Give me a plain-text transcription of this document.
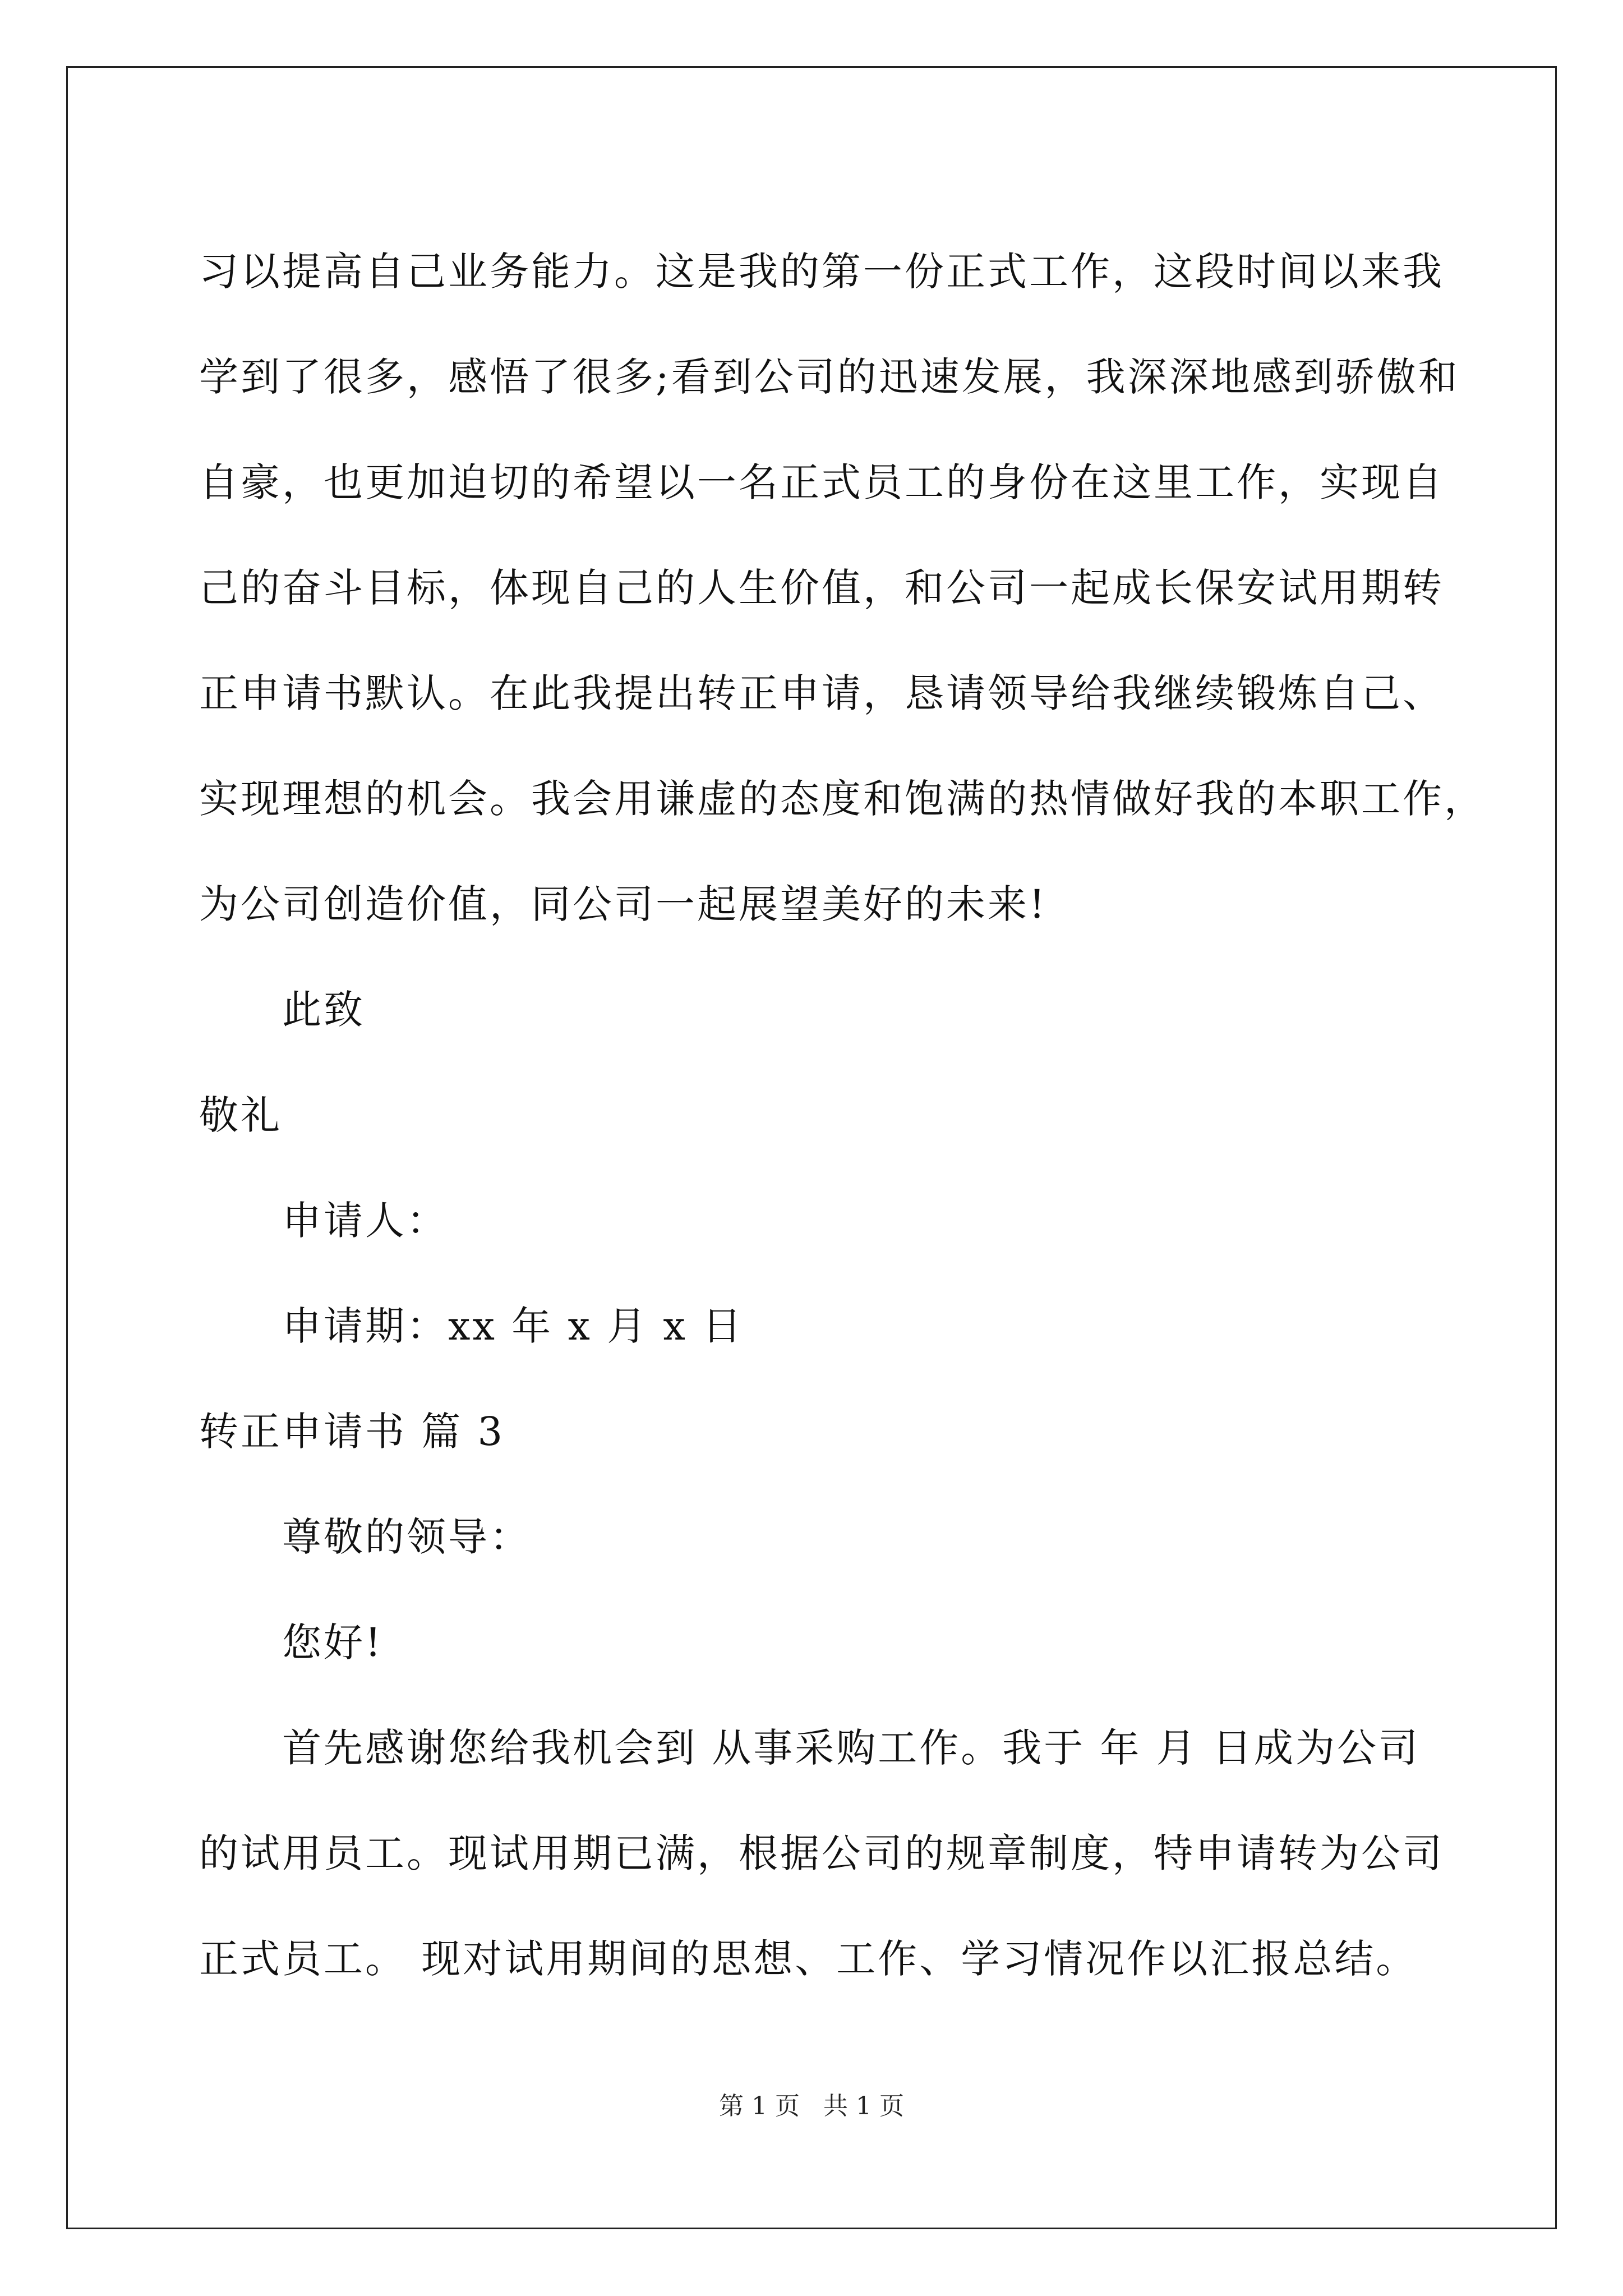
习以提高自己业务能力。这是我的第一份正式工作，这段时间以来我
学到了很多，感悟了很多;看到公司的迅速发展，我深深地感到骄傲和
自豪，也更加迫切的希望以一名正式员工的身份在这里工作，实现自
己的奋斗目标，体现自己的人生价值，和公司一起成长保安试用期转
正申请书默认。在此我提出转正申请，恳请领导给我继续锻炼自己、
实现理想的机会。我会用谦虚的态度和饱满的热情做好我的本职工作，
为公司创造价值，同公司一起展望美好的未来!
此致
敬礼
申请人：
申请期：xx 年 x 月 x 日
转正申请书 篇 3
尊敬的领导：
您好!
首先感谢您给我机会到 从事采购工作。我于 年 月 日成为公司
的试用员工。现试用期已满，根据公司的规章制度，特申请转为公司
正式员工。 现对试用期间的思想、工作、学习情况作以汇报总结。
第 1 页   共 1 页
